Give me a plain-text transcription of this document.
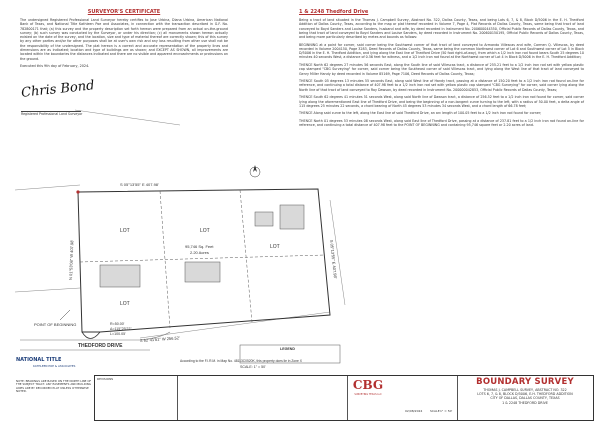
SURVEYOR'S CERTIFICATE
The undersigned Registered Professional Land Surveyor hereby certifies to Jose Urbina, Diana Urbina, American National Bank of Texas, and National Title Kathleen Poe and Associates, in connection with the transaction described in G.F. No. 782800171 that; (a) this survey and the property description set forth hereon were prepared from an actual on-the-ground survey; (b) such survey was conducted by the Surveyor, or under his direction; (c) all monuments shown hereon actually existed on the date of the survey, and the location, size and type of material thereof are correctly shown; this of this survey by any other parties and/or for other purposes shall be at user's own risk and any loss resulting from other use shall not be the responsibility of the undersigned. The plat hereon is a correct and accurate representation of the property lines and dimensions are as indicated; location and type of buildings are as shown; and EXCEPT AS SHOWN, all improvements are located within the boundaries the distances indicated and there are no visible and apparent encroachments or protrusions on the ground.
Executed this 9th day of February, 2024.
Chris Bond
Registered Professional Land Surveyor
1 & 2248 Thedford Drive

Being a tract of land situated in the Thomas J. Campbell Survey, Abstract No. 322, Dallas County, Texas, and being Lots 6, 7, & 8, Block D/5006 in the E. H. Thedford Addition of Dallas County, Texas, according to the map or plat thereof recorded in Volume 7, Page 4, Plat Records of Dallas County, Texas, same being that tract of land conveyed to Boyd Sanders and Louise Sanders, husband and wife, by deed recorded in Instrument No. 200600044350, Official Public Records of Dallas County, Texas, and being that tract of land conveyed to Boyd Sanders and Louise Sanders, by deed recorded in Instrument No. 200600150195, Official Public Records of Dallas County, Texas, and being more particularly described by metes and bounds as follows:

BEGINNING at a point for corner, said corner being the Southwest corner of that tract of land conveyed to Armando Villescas and wife, Carmen Q. Villescas, by deed recorded in Volume 2004150, Page 3283, Deed Records of Dallas County, Texas, same being the common Northwest corner of Lot 6 and Southwest corner of Lot 5 in Block D/5006 in the E. H. Thedford Addition, and lying along the East line of Thedford Drive (50 foot right-of-way), from which a 1/2 inch iron rod found bears South 25 degrees 10 minutes 40 seconds West, a distance of 0.56 feet for witness, and a 1/2 inch iron rod found at the Northwest corner of Lot 4 in Block D/5006 in the E. H. Thedford Addition;

THENCE North 62 degrees 27 minutes 56 seconds East, along the South line of said Villescas tract, a distance of 255.21 feet to a 1/2 inch iron rod set with yellow plastic cap stamped "CBG Surveying" for corner, said corner being the Southeast corner of said Villescas tract, and lying along the West line of that tract of land conveyed to Genry Miller Handy by deed recorded in Volume 85169, Page 7106, Deed Records of Dallas County, Texas;

THENCE South 05 degrees 13 minutes 55 seconds East, along said West line of Handy tract, passing at a distance of 150.20 feet to a 1/2 inch iron rod found on-line for reference, and continuing a total distance of 407.98 feet to a 1/2 inch iron rod set with yellow plastic cap stamped "CBG Surveying" for corner, said corner lying along the North line of that tract of land conveyed to Roy Dawson, by deed recorded in Instrument No. 200000042853, Official Public Records of Dallas County, Texas;

THENCE South 62 degrees 41 minutes 51 seconds West, along said North line of Dawson tract, a distance of 256.52 feet to a 1/2 inch iron rod found for corner, said corner lying along the aforementioned East line of Thedford Drive, and being the beginning of a non-tangent curve turning to the left, with a radius of 50.00 feet, a delta angle of 115 degrees 25 minutes 22 seconds, a chord bearing of North 45 degrees 53 minutes 34 seconds West, and a chord length of 66.78 feet;

THENCE Along said curve to the left, along the East line of said Thedford Drive, an arc length of 100.05 feet to a 1/2 inch iron rod found for corner;

THENCE North 01 degrees 53 minutes 08 seconds West, along said East line of Thedford Drive, passing at a distance of 237.81 feet to a 1/2 inch iron rod found on-line for reference, and continuing a total distance of 407.98 feet to the POINT OF BEGINNING and containing 95,746 square feet or 2.20 acres of land.

S 05°13'55" E 407.98'
S 62°41'51" W 256.52'
S 05°13'55" E 407.98'
N 01°53'08" W 407.98'
LOT	LOT
LOT
LOT
95,746 Sq. Feet
2.20 Acres
THEDFORD DRIVE
POINT OF BEGINNING	R=50.00'
Δ=115°25'22"
L=100.05'
According to the F.I.R.M. in Map No. 48113C0520K, this property does lie in Zone X
LEGEND
SCALE: 1" = 50'
NATIONAL TITLE
KATHLEEN POE & ASSOCIATES
NOTE: BEARINGS ARE BASED ON THE NORTH LINE OF THE SUBJECT TRACT. ANY EASEMENTS AND BUILDING LINES ARE BY RECORDED PLAT UNLESS OTHERWISE NOTED.
REVISIONS
02/08/2024	SCALE 1" = 50'
CBG
SURVEYING TEXAS LLC
BOUNDARY SURVEY
THOMAS J. CAMPBELL SURVEY, ABSTRACT NO. 322
LOTS 6, 7, & 8, BLOCK D/5006, E.H. THEDFORD ADDITION
CITY OF DALLAS, DALLAS COUNTY, TEXAS
1 & 2248 THEDFORD DRIVE
